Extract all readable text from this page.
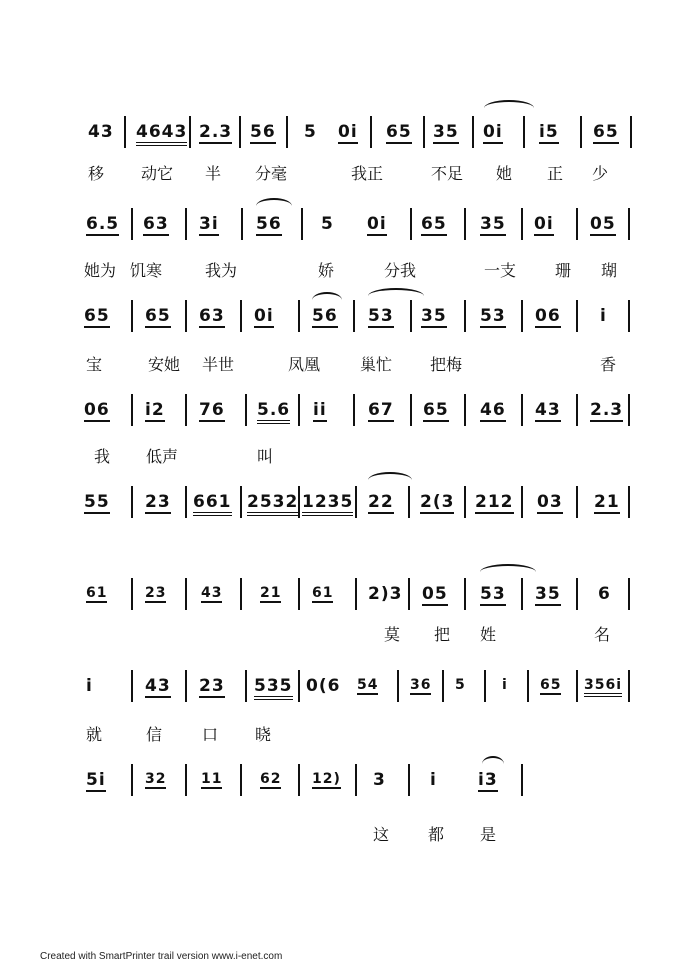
43 4643 2.3 56 5 0i 65 35 0i i5 65
移 动它 半 分毫	我正	不足 她 正 少
6.5 63 3i 56 5 0i 65 35 0i 05
她为 饥寒	我为	娇	分我	一支 珊 瑚
65 65 63 0i 56 53 35 53 06 i
宝	安她 半世	凤凰 巢忙 把梅	香
06 i2 76 5.6 ii 67 65 46 43 2.3
我 低声	叫
55 23 661 2532 1235 22 2(3 212 03 21
61	23 43	21 61 2)3 05 53 35 6
莫 把 姓	名
i	43 23 535 0(6 54 36 5	i 65 356i
就	信 口 晓
5i	32 11	62 12) 3	i i3
这 都 是
Created with SmartPrinter trail version www.i-enet.com
